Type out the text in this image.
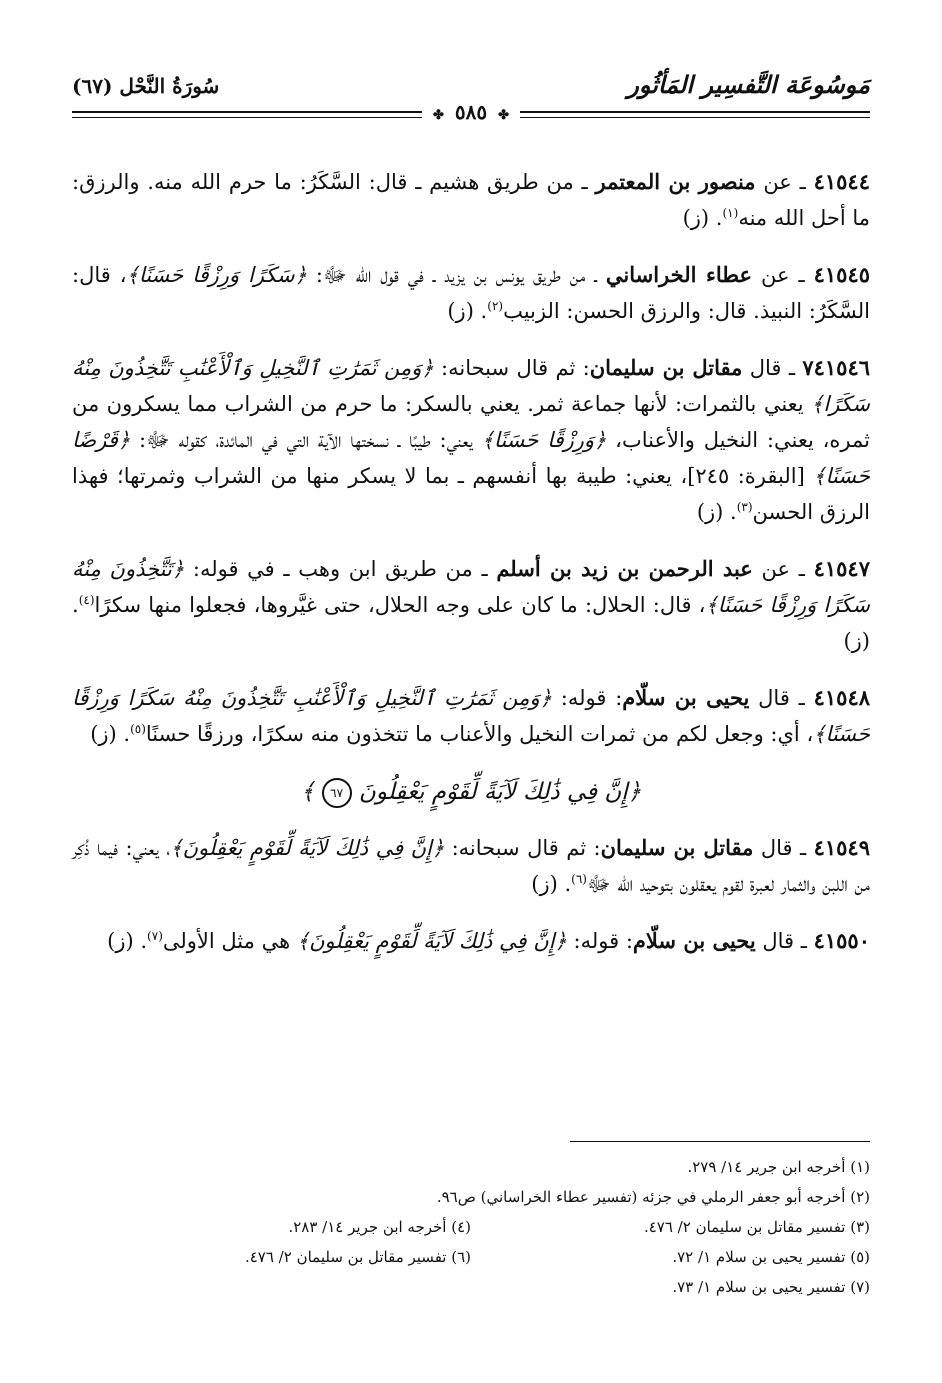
مَوسُوعَة التَّفسِير المَأثُور
سُورَةُ النَّحْل (٦٧)
✤ ٥٨٥ ✤

٤١٥٤٤ ـ عن منصور بن المعتمر ـ من طريق هشيم ـ قال: السَّكَرُ: ما حرم الله منه. والرزق: ما أحل الله منه$^{(١)}$. (ز)

٤١٥٤٥ ـ عن عطاء الخراساني ـ من طريق يونس بن يزيد ـ في قول الله ﷻ: ﴿سَكَرًا وَرِزْقًا حَسَنًا﴾، قال: السَّكَرُ: النبيذ. قال: والرزق الحسن: الزبيب$^{(٢)}$. (ز)

٧٤١٥٤٦ ـ قال مقاتل بن سليمان: ثم قال سبحانه: ﴿وَمِن ثَمَرَٰتِ ٱلنَّخِيلِ وَٱلْأَعْنَٰبِ تَتَّخِذُونَ مِنْهُ سَكَرًا﴾ يعني بالثمرات: لأنها جماعة ثمر. يعني بالسكر: ما حرم من الشراب مما يسكرون من ثمره، يعني: النخيل والأعناب، ﴿وَرِزْقًا حَسَنًا﴾ يعني: طيبًا ـ نسختها الآية التي في المائدة، كقوله ﷻ: ﴿قَرْضًا حَسَنًا﴾ [البقرة: ٢٤٥]، يعني: طيبة بها أنفسهم ـ بما لا يسكر منها من الشراب وثمرتها؛ فهذا الرزق الحسن$^{(٣)}$. (ز)

٤١٥٤٧ ـ عن عبد الرحمن بن زيد بن أسلم ـ من طريق ابن وهب ـ في قوله: ﴿تَتَّخِذُونَ مِنْهُ سَكَرًا وَرِزْقًا حَسَنًا﴾، قال: الحلال: ما كان على وجه الحلال، حتى غيَّروها، فجعلوا منها سكرًا$^{(٤)}$. (ز)

٤١٥٤٨ ـ قال يحيى بن سلّام: قوله: ﴿وَمِن ثَمَرَٰتِ ٱلنَّخِيلِ وَٱلْأَعْنَٰبِ تَتَّخِذُونَ مِنْهُ سَكَرًا وَرِزْقًا حَسَنًا﴾، أي: وجعل لكم من ثمرات النخيل والأعناب ما تتخذون منه سكرًا، ورزقًا حسنًا$^{(٥)}$. (ز)

﴿إِنَّ فِي ذَٰلِكَ لَآيَةً لِّقَوْمٍ يَعْقِلُونَ ٦٧ ﴾

٤١٥٤٩ ـ قال مقاتل بن سليمان: ثم قال سبحانه: ﴿إِنَّ فِي ذَٰلِكَ لَآيَةً لِّقَوْمٍ يَعْقِلُونَ﴾، يعني: فيما ذُكِر من اللبن والثمار لعبرة لقوم يعقلون بتوحيد الله ﷻ$^{(٦)}$. (ز)

٤١٥٥٠ ـ قال يحيى بن سلّام: قوله: ﴿إِنَّ فِي ذَٰلِكَ لَآيَةً لِّقَوْمٍ يَعْقِلُونَ﴾ هي مثل الأولى$^{(٧)}$. (ز)

(١) أخرجه ابن جرير ١٤/ ٢٧٩.
(٢) أخرجه أبو جعفر الرملي في جزئه (تفسير عطاء الخراساني) ص٩٦.
(٣) تفسير مقاتل بن سليمان ٢/ ٤٧٦.
(٤) أخرجه ابن جرير ١٤/ ٢٨٣.
(٥) تفسير يحيى بن سلام ١/ ٧٢.
(٦) تفسير مقاتل بن سليمان ٢/ ٤٧٦.
(٧) تفسير يحيى بن سلام ١/ ٧٣.
